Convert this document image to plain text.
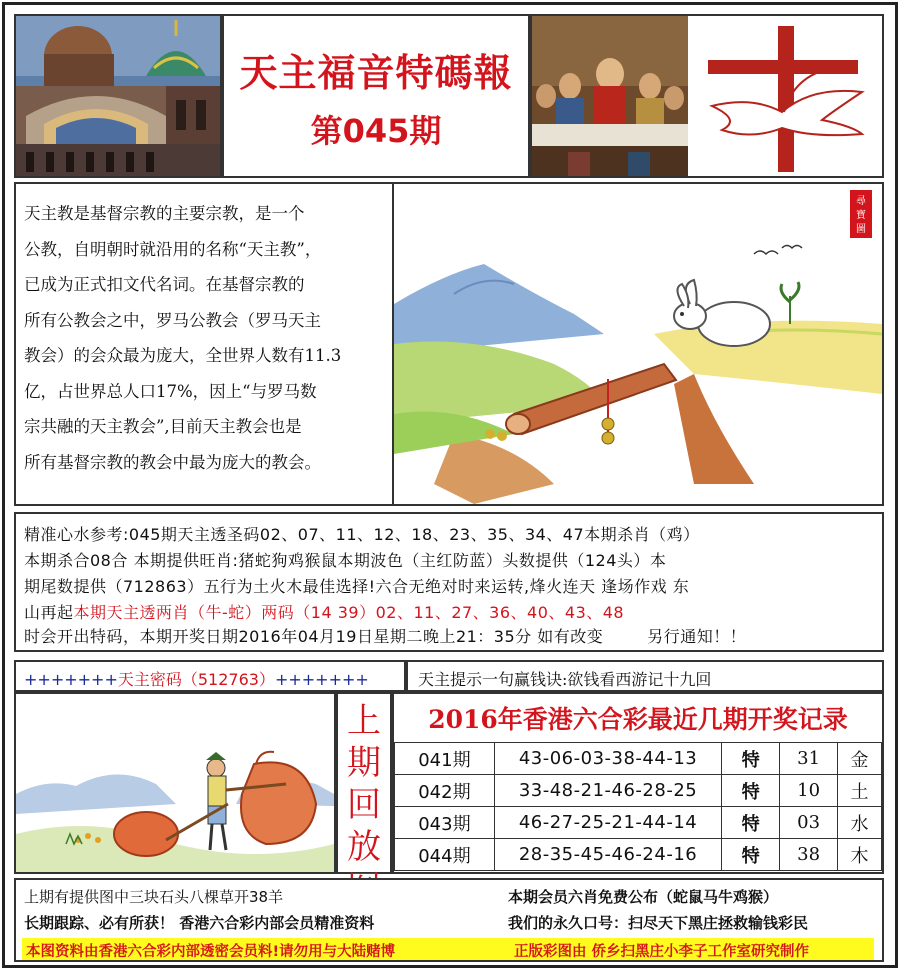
天主福音特碼報
第045期

天主教是基督宗教的主要宗教，是一个

公教，自明朝时就沿用的名称“天主教”，

已成为正式扣文代名词。在基督宗教的

所有公教会之中，罗马公教会（罗马天主

教会）的会众最为庞大，全世界人数有11.3

亿，占世界总人口17%，因上“与罗马数

宗共融的天主教会”,目前天主教会也是

所有基督宗教的教会中最为庞大的教会。

尋
寶
圖
精准心水参考:045期天主透圣码02、07、11、12、18、23、35、34、47本期杀肖（鸡）
本期杀合08合 本期提供旺肖:猪蛇狗鸡猴鼠本期波色（主红防蓝）头数提供（124头）本
期尾数提供（712863）五行为土火木最佳选择!六合无绝对时来运转,烽火连天 逢场作戏 东
山再起本期天主透两肖（牛-蛇）两码（14 39）02、11、27、36、40、43、48
时会开出特码，本期开奖日期2016年04月19日星期二晚上21：35分 如有改变	另行通知！！
+++++++天主密码（512763）+++++++	天主提示一句赢钱诀:欲钱看西游记十九回
上
期
回
放
2016年香港六合彩最近几期开奖记录
041期	43-06-03-38-44-13	特	31	金
042期	33-48-21-46-28-25	特	10	土
043期	46-27-25-21-44-14	特	03	水
044期	28-35-45-46-24-16	特	38	木
上期有提供图中三块石头八棵草开38羊	本期会员六肖免费公布（蛇鼠马牛鸡猴）
长期跟踪、必有所获！ 香港六合彩内部会员精准资料	我们的永久口号：扫尽天下黑庄拯救输钱彩民
本图资料由香港六合彩内部透密会员料!请勿用与大陆赌博	正版彩图由 侨乡扫黑庄小李子工作室研究制作
